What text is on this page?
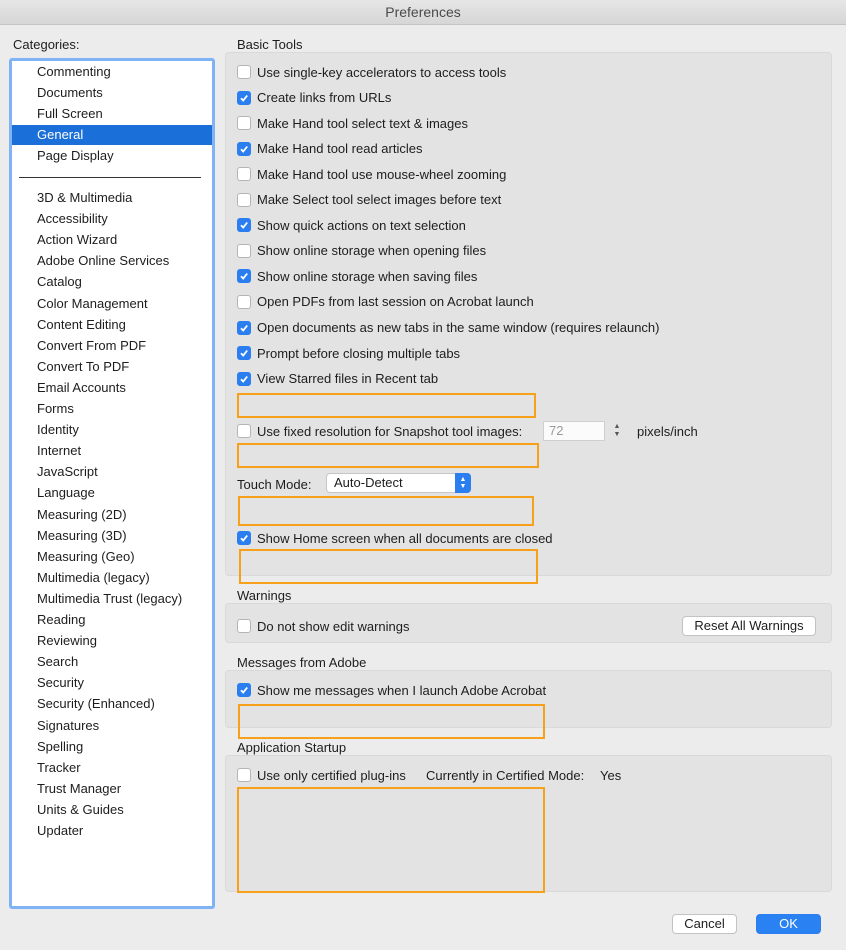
Preferences
Categories:
Commenting
Documents
Full Screen
General
Page Display
3D & Multimedia
Accessibility
Action Wizard
Adobe Online Services
Catalog
Color Management
Content Editing
Convert From PDF
Convert To PDF
Email Accounts
Forms
Identity
Internet
JavaScript
Language
Measuring (2D)
Measuring (3D)
Measuring (Geo)
Multimedia (legacy)
Multimedia Trust (legacy)
Reading
Reviewing
Search
Security
Security (Enhanced)
Signatures
Spelling
Tracker
Trust Manager
Units & Guides
Updater
Basic Tools
Use single-key accelerators to access tools
Create links from URLs
Make Hand tool select text & images
Make Hand tool read articles
Make Hand tool use mouse-wheel zooming
Make Select tool select images before text
Show quick actions on text selection
Show online storage when opening files
Show online storage when saving files
Open PDFs from last session on Acrobat launch
Open documents as new tabs in the same window (requires relaunch)
Prompt before closing multiple tabs
View Starred files in Recent tab
Use fixed resolution for Snapshot tool images:	72	▲
▼ pixels/inch
Touch Mode:	Auto-Detect	▲
▼
Show Home screen when all documents are closed
Warnings
Do not show edit warnings	Reset All Warnings
Messages from Adobe
Show me messages when I launch Adobe Acrobat
Application Startup
Use only certified plug-ins Currently in Certified Mode: Yes
Cancel	OK
